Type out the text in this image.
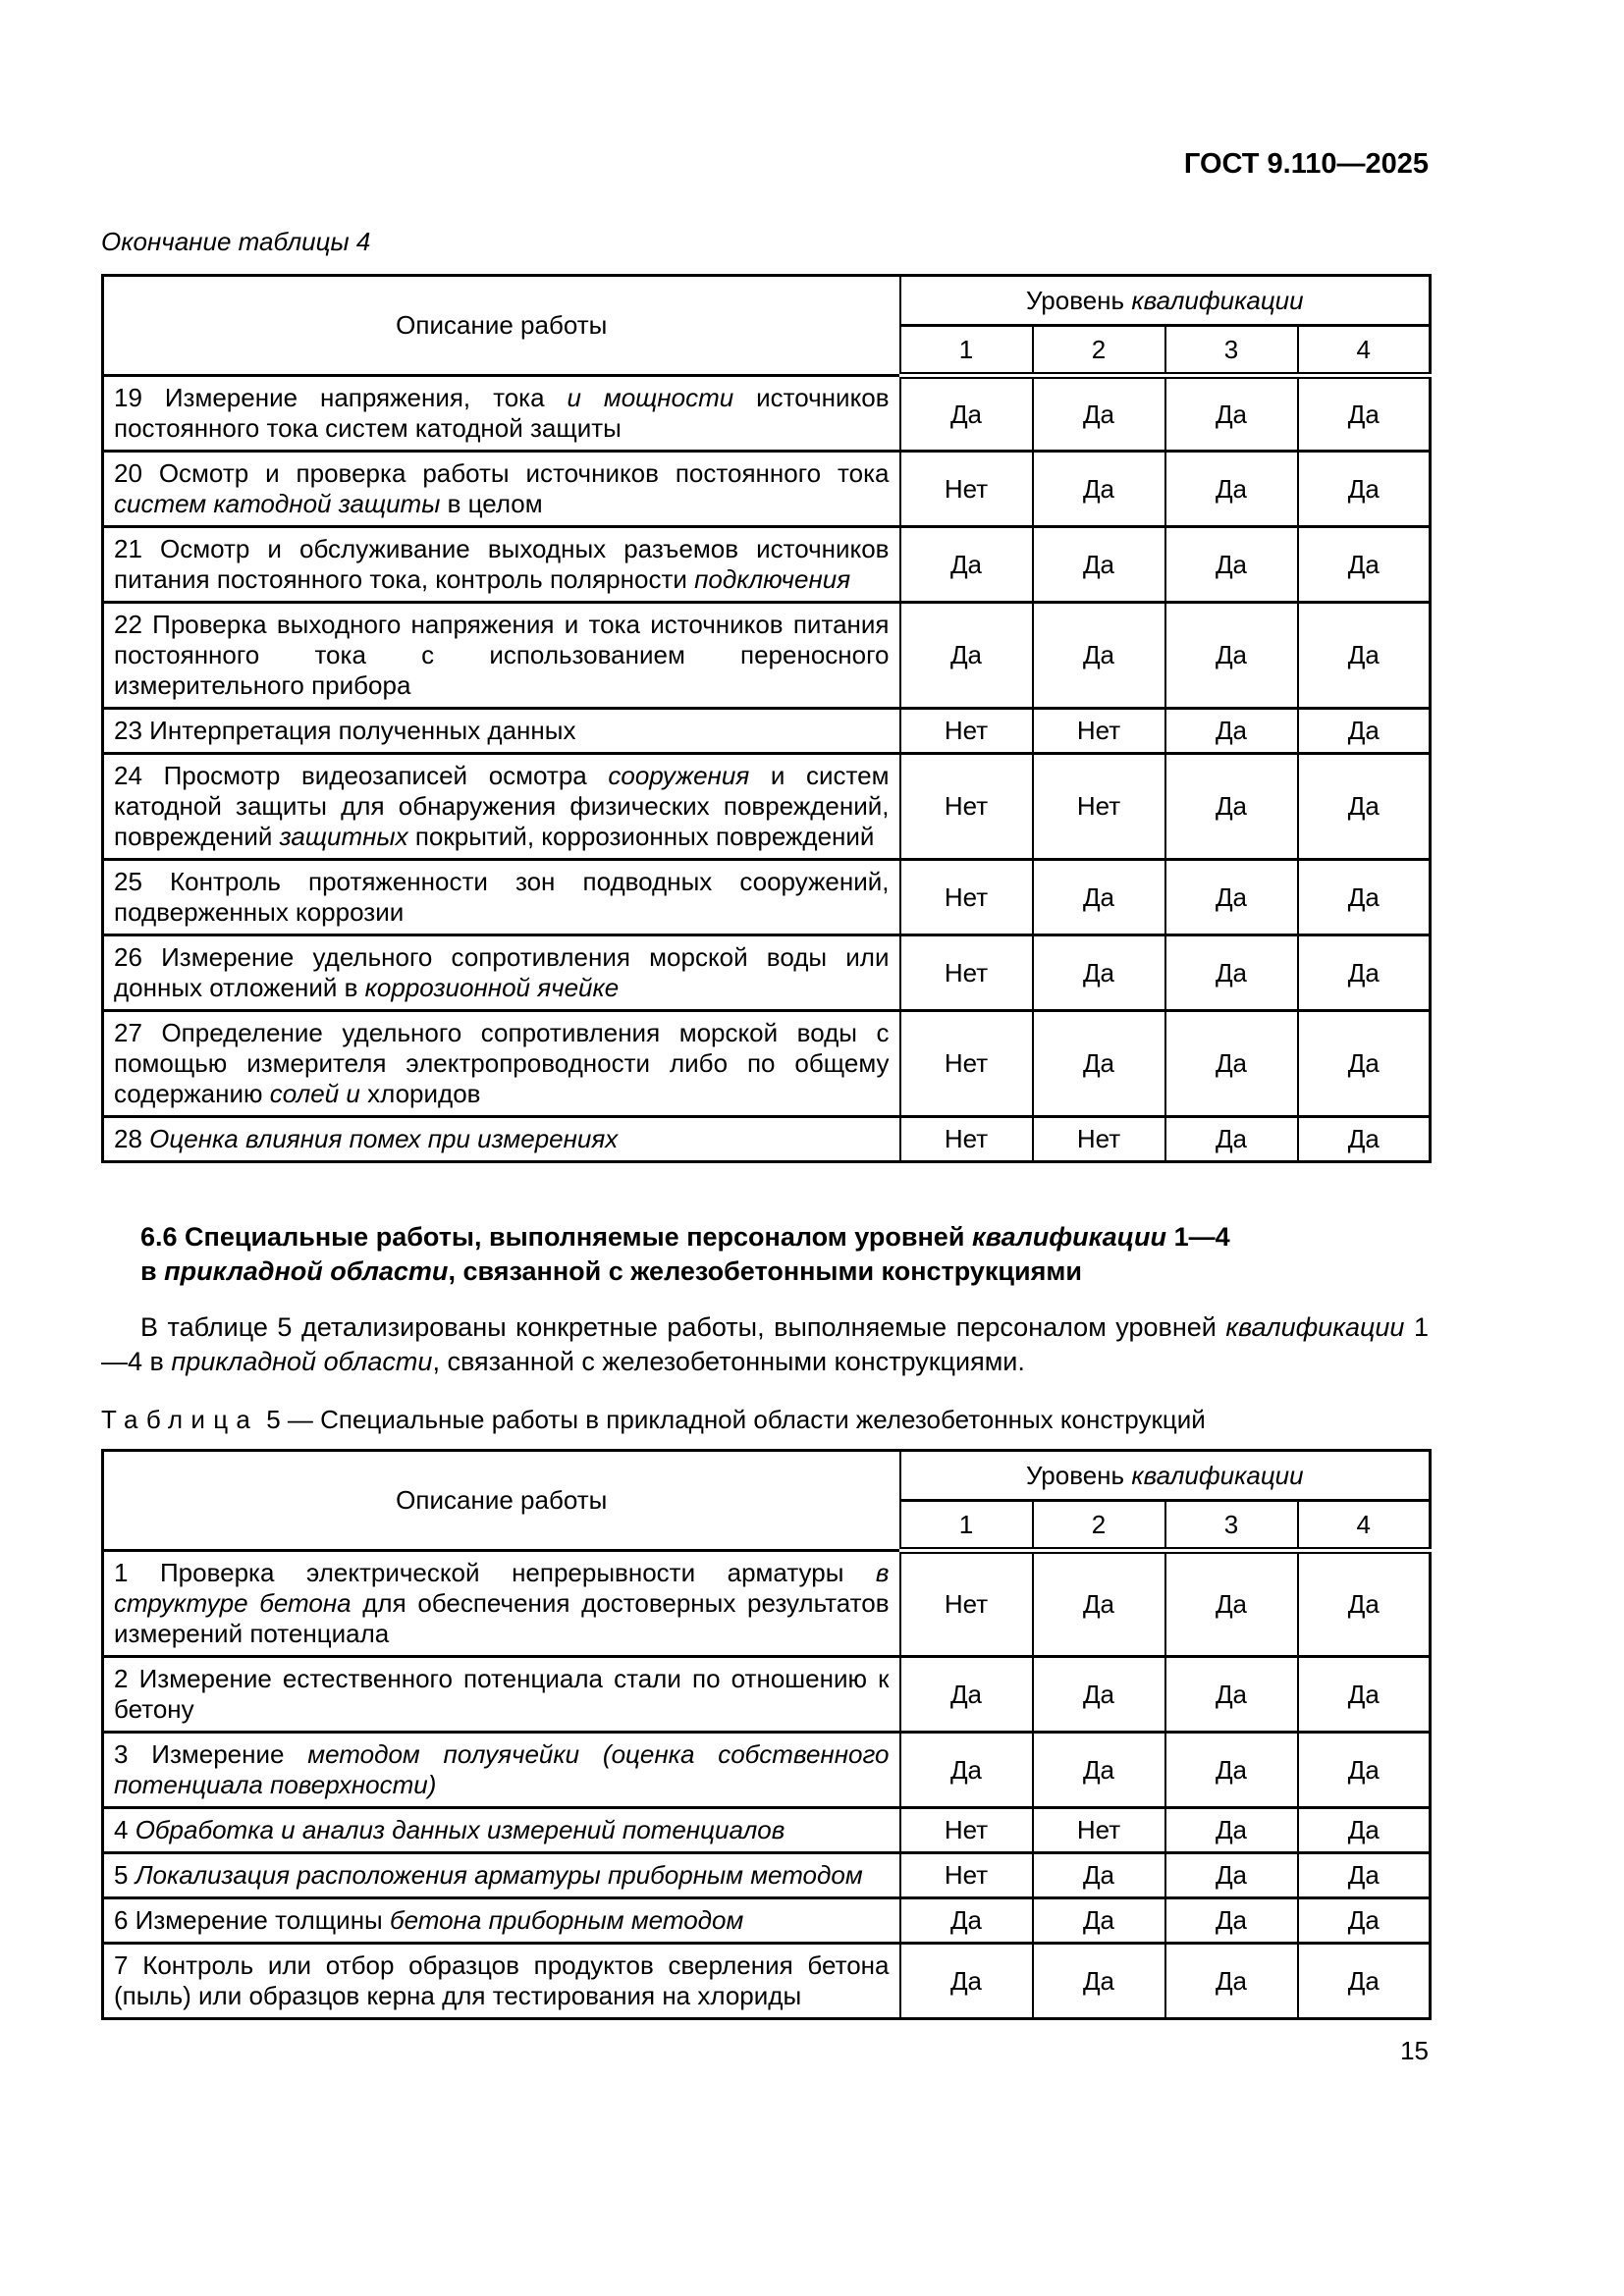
ГОСТ 9.110—2025

Окончание таблицы 4

Описание работы	Уровень квалификации			
	1	2	3	4
19 Измерение напряжения, тока и мощности источников постоянного тока систем катодной защиты	Да	Да	Да	Да
20 Осмотр и проверка работы источников постоянного тока систем катодной защиты в целом	Нет	Да	Да	Да
21 Осмотр и обслуживание выходных разъемов источников питания постоянного тока, контроль полярности подключения	Да	Да	Да	Да
22 Проверка выходного напряжения и тока источников питания постоянного тока с использованием переносного измерительного прибора	Да	Да	Да	Да
23 Интерпретация полученных данных	Нет	Нет	Да	Да
24 Просмотр видеозаписей осмотра сооружения и систем катодной защиты для обнаружения физических повреждений, повреждений защитных покрытий, коррозионных повреждений	Нет	Нет	Да	Да
25 Контроль протяженности зон подводных сооружений, подверженных коррозии	Нет	Да	Да	Да
26 Измерение удельного сопротивления морской воды или донных отложений в коррозионной ячейке	Нет	Да	Да	Да
27 Определение удельного сопротивления морской воды с помощью измерителя электропроводности либо по общему содержанию солей и хлоридов	Нет	Да	Да	Да
28 Оценка влияния помех при измерениях	Нет	Нет	Да	Да
6.6 Специальные работы, выполняемые персоналом уровней квалификации 1—4
в прикладной области, связанной с железобетонными конструкциями

В таблице 5 детализированы конкретные работы, выполняемые персоналом уровней квалификации 1—4 в прикладной области, связанной с железобетонными конструкциями.

Таблица 5 — Специальные работы в прикладной области железобетонных конструкций

Описание работы	Уровень квалификации			
	1	2	3	4
1 Проверка электрической непрерывности арматуры в структуре бетона для обеспечения достоверных результатов измерений потенциала	Нет	Да	Да	Да
2 Измерение естественного потенциала стали по отношению к бетону	Да	Да	Да	Да
3 Измерение методом полуячейки (оценка собственного потенциала поверхности)	Да	Да	Да	Да
4 Обработка и анализ данных измерений потенциалов	Нет	Нет	Да	Да
5 Локализация расположения арматуры приборным методом	Нет	Да	Да	Да
6 Измерение толщины бетона приборным методом	Да	Да	Да	Да
7 Контроль или отбор образцов продуктов сверления бетона (пыль) или образцов керна для тестирования на хлориды	Да	Да	Да	Да
15
